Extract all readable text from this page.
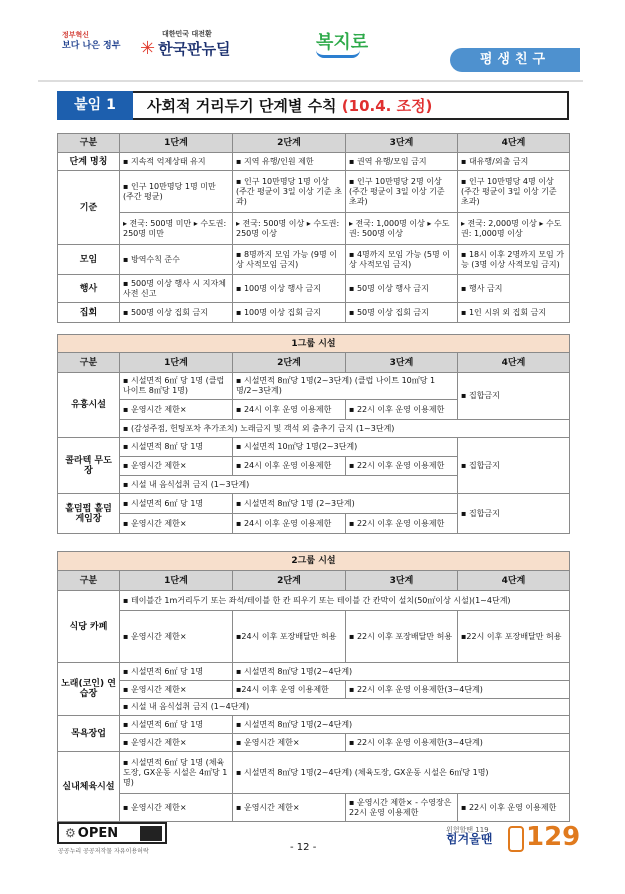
정부혁신
보다 나은 정부
대한민국 대전환
✳ 한국판뉴딜	복지로
평생친구
붙임 1	사회적 거리두기 단계별 수칙 (10.4. 조정)
구분	1단계	2단계	3단계	4단계
단계 명칭	▪ 지속적 억제상태 유지	▪ 지역 유행/인원 제한	▪ 권역 유행/모임 금지	▪ 대유행/외출 금지
기준	▪ 인구 10만명당 1명 미만 (주간 평균)	▪ 인구 10만명당 1명 이상 (주간 평균이 3일 이상 기준 초과)	▪ 인구 10만명당 2명 이상 (주간 평균이 3일 이상 기준 초과)	▪ 인구 10만명당 4명 이상 (주간 평균이 3일 이상 기준 초과)
	▸ 전국: 500명 미만 ▸ 수도권: 250명 미만	▸ 전국: 500명 이상 ▸ 수도권: 250명 이상	▸ 전국: 1,000명 이상 ▸ 수도권: 500명 이상	▸ 전국: 2,000명 이상 ▸ 수도권: 1,000명 이상
모임	▪ 방역수칙 준수	▪ 8명까지 모임 가능 (9명 이상 사적모임 금지)	▪ 4명까지 모임 가능 (5명 이상 사적모임 금지)	▪ 18시 이후 2명까지 모임 가능 (3명 이상 사적모임 금지)
행사	▪ 500명 이상 행사 시 지자체 사전 신고	▪ 100명 이상 행사 금지	▪ 50명 이상 행사 금지	▪ 행사 금지
집회	▪ 500명 이상 집회 금지	▪ 100명 이상 집회 금지	▪ 50명 이상 집회 금지	▪ 1인 시위 외 집회 금지
1그룹 시설				
구분	1단계	2단계	3단계	4단계
유흥시설	▪ 시설면적 6㎡ 당 1명 (클럽 나이트 8㎡당 1명)	▪ 시설면적 8㎡당 1명(2~3단계) (클럽 나이트 10㎡당 1명/2~3단계)		▪ 집합금지
	▪ 운영시간 제한×	▪ 24시 이후 운영 이용제한	▪ 22시 이후 운영 이용제한	
	▪ (감성주점, 헌팅포차 추가조치) 노래금지 및 객석 외 춤추기 금지 (1~3단계)			
콜라텍 무도장	▪ 시설면적 8㎡ 당 1명	▪ 시설면적 10㎡당 1명(2~3단계)		▪ 집합금지
	▪ 운영시간 제한×	▪ 24시 이후 운영 이용제한	▪ 22시 이후 운영 이용제한	
	▪ 시설 내 음식섭취 금지 (1~3단계)			
홀덤펍 홀덤게임장	▪ 시설면적 6㎡ 당 1명	▪ 시설면적 8㎡당 1명 (2~3단계)		▪ 집합금지
	▪ 운영시간 제한×	▪ 24시 이후 운영 이용제한	▪ 22시 이후 운영 이용제한	
2그룹 시설				
구분	1단계	2단계	3단계	4단계
식당 카페	▪ 테이블간 1m거리두기 또는 좌석/테이블 한 칸 띄우기 또는 테이블 간 칸막이 설치(50㎡이상 시설)(1~4단계)			
	▪ 운영시간 제한×	▪24시 이후 포장배달만 허용	▪ 22시 이후 포장배달만 허용	▪22시 이후 포장배달만 허용
노래(코인) 연습장	▪ 시설면적 6㎡ 당 1명	▪ 시설면적 8㎡당 1명(2~4단계)		
	▪ 운영시간 제한×	▪24시 이후 운영 이용제한	▪ 22시 이후 운영 이용제한(3~4단계)	
	▪ 시설 내 음식섭취 금지 (1~4단계)			
목욕장업	▪ 시설면적 6㎡ 당 1명	▪ 시설면적 8㎡당 1명(2~4단계)		
	▪ 운영시간 제한×	▪ 운영시간 제한×	▪ 22시 이후 운영 이용제한(3~4단계)	
실내체육시설	▪ 시설면적 6㎡ 당 1명 (체육도장, GX운동 시설은 4㎡당 1명)	▪ 시설면적 8㎡당 1명(2~4단계) (체육도장, GX운동 시설은 6㎡당 1명)		
	▪ 운영시간 제한×	▪ 운영시간 제한×	▪ 운영시간 제한× - 수영장은 22시 운영 이용제한	▪ 22시 이후 운영 이용제한
⚙ OPEN
공공누리 공공저작물 자유이용허락	- 12 -
위험할땐 119
힘겨울땐 129
